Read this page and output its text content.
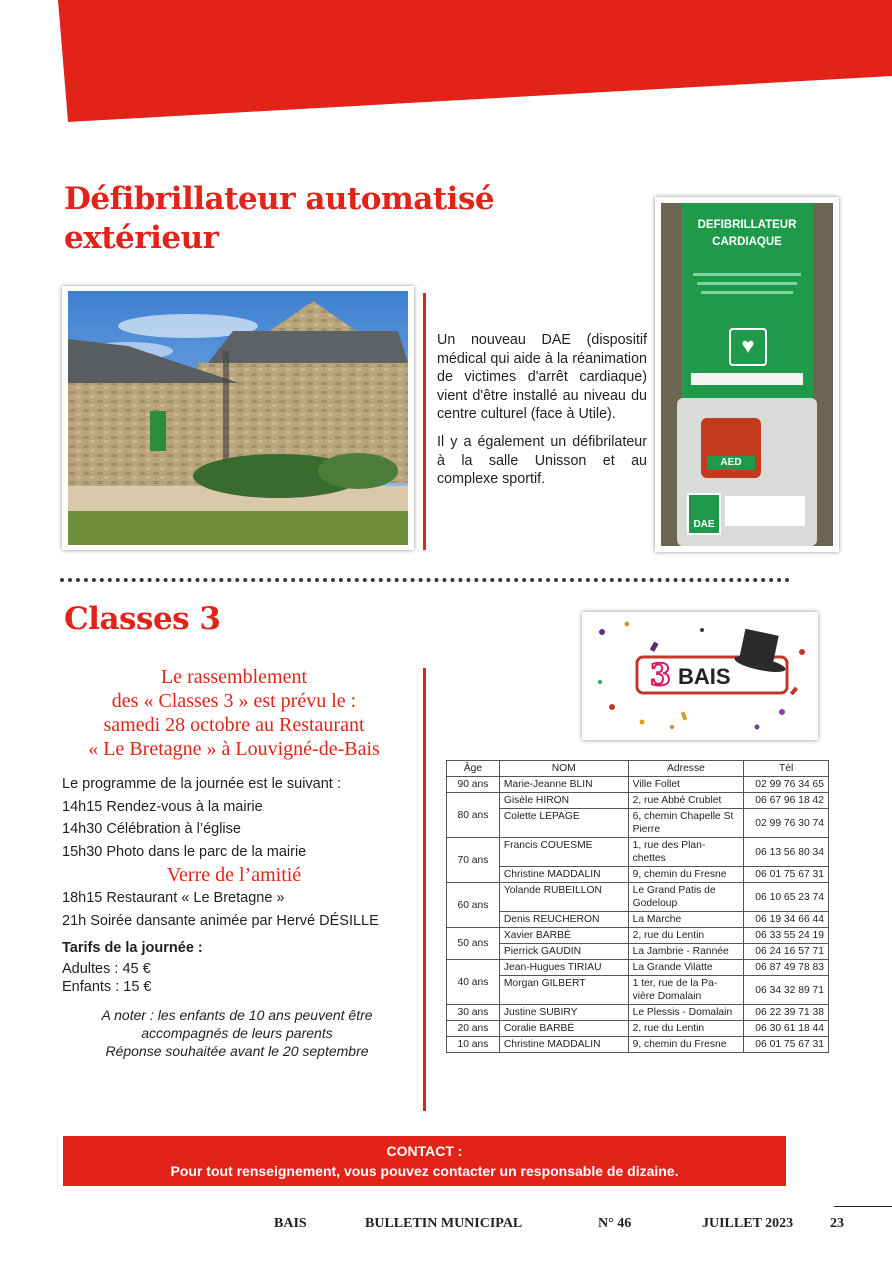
Défibrillateur automatisé
extérieur

Un nouveau DAE (dispositif médical qui aide à la réanimation de victimes d'arrêt cardiaque) vient d'être installé au niveau du centre culturel (face à Utile).

Il y a également un défibrilateur à la salle Unisson et au complexe sportif.

DEFIBRILLATEUR
CARDIAQUE
♥
AED
DAE
Classes 3
3 BAIS
Le rassemblement
des « Classes 3 » est prévu le :
samedi 28 octobre au Restaurant
« Le Bretagne » à Louvigné-de-Bais
Le programme de la journée est le suivant :
14h15 Rendez-vous à la mairie
14h30 Célébration à l’église
15h30 Photo dans le parc de la mairie
Verre de l’amitié
18h15 Restaurant « Le Bretagne »
21h Soirée dansante animée par Hervé DÉSILLE
Tarifs de la journée :
Adultes : 45 €
Enfants : 15 €
A noter : les enfants de 10 ans peuvent être
accompagnés de leurs parents
Réponse souhaitée avant le 20 septembre
Âge	NOM	Adresse	Tél
90 ans	Marie-Jeanne BLIN	Ville Follet	02 99 76 34 65
80 ans	Gisèle HIRON	2, rue Abbé Crublet	06 67 96 18 42
	Colette LEPAGE	6, chemin Chapelle St Pierre	02 99 76 30 74
70 ans	Francis COUESME	1, rue des Plan- chettes	06 13 56 80 34
	Christine MADDALIN	9, chemin du Fresne	06 01 75 67 31
60 ans	Yolande RUBEILLON	Le Grand Patis de Godeloup	06 10 65 23 74
	Denis REUCHERON	La Marche	06 19 34 66 44
50 ans	Xavier BARBÉ	2, rue du Lentin	06 33 55 24 19
	Pierrick GAUDIN	La Jambrie - Rannée	06 24 16 57 71
40 ans	Jean-Hugues TIRIAU	La Grande Vilatte	06 87 49 78 83
	Morgan GILBERT	1 ter, rue de la Pa- vière Domalain	06 34 32 89 71
30 ans	Justine SUBIRY	Le Plessis - Domalain	06 22 39 71 38
20 ans	Coralie BARBÉ	2, rue du Lentin	06 30 61 18 44
10 ans	Christine MADDALIN	9, chemin du Fresne	06 01 75 67 31
CONTACT :
Pour tout renseignement, vous pouvez contacter un responsable de dizaine.
BAIS	BULLETIN MUNICIPAL	N° 46	JUILLET 2023	23
